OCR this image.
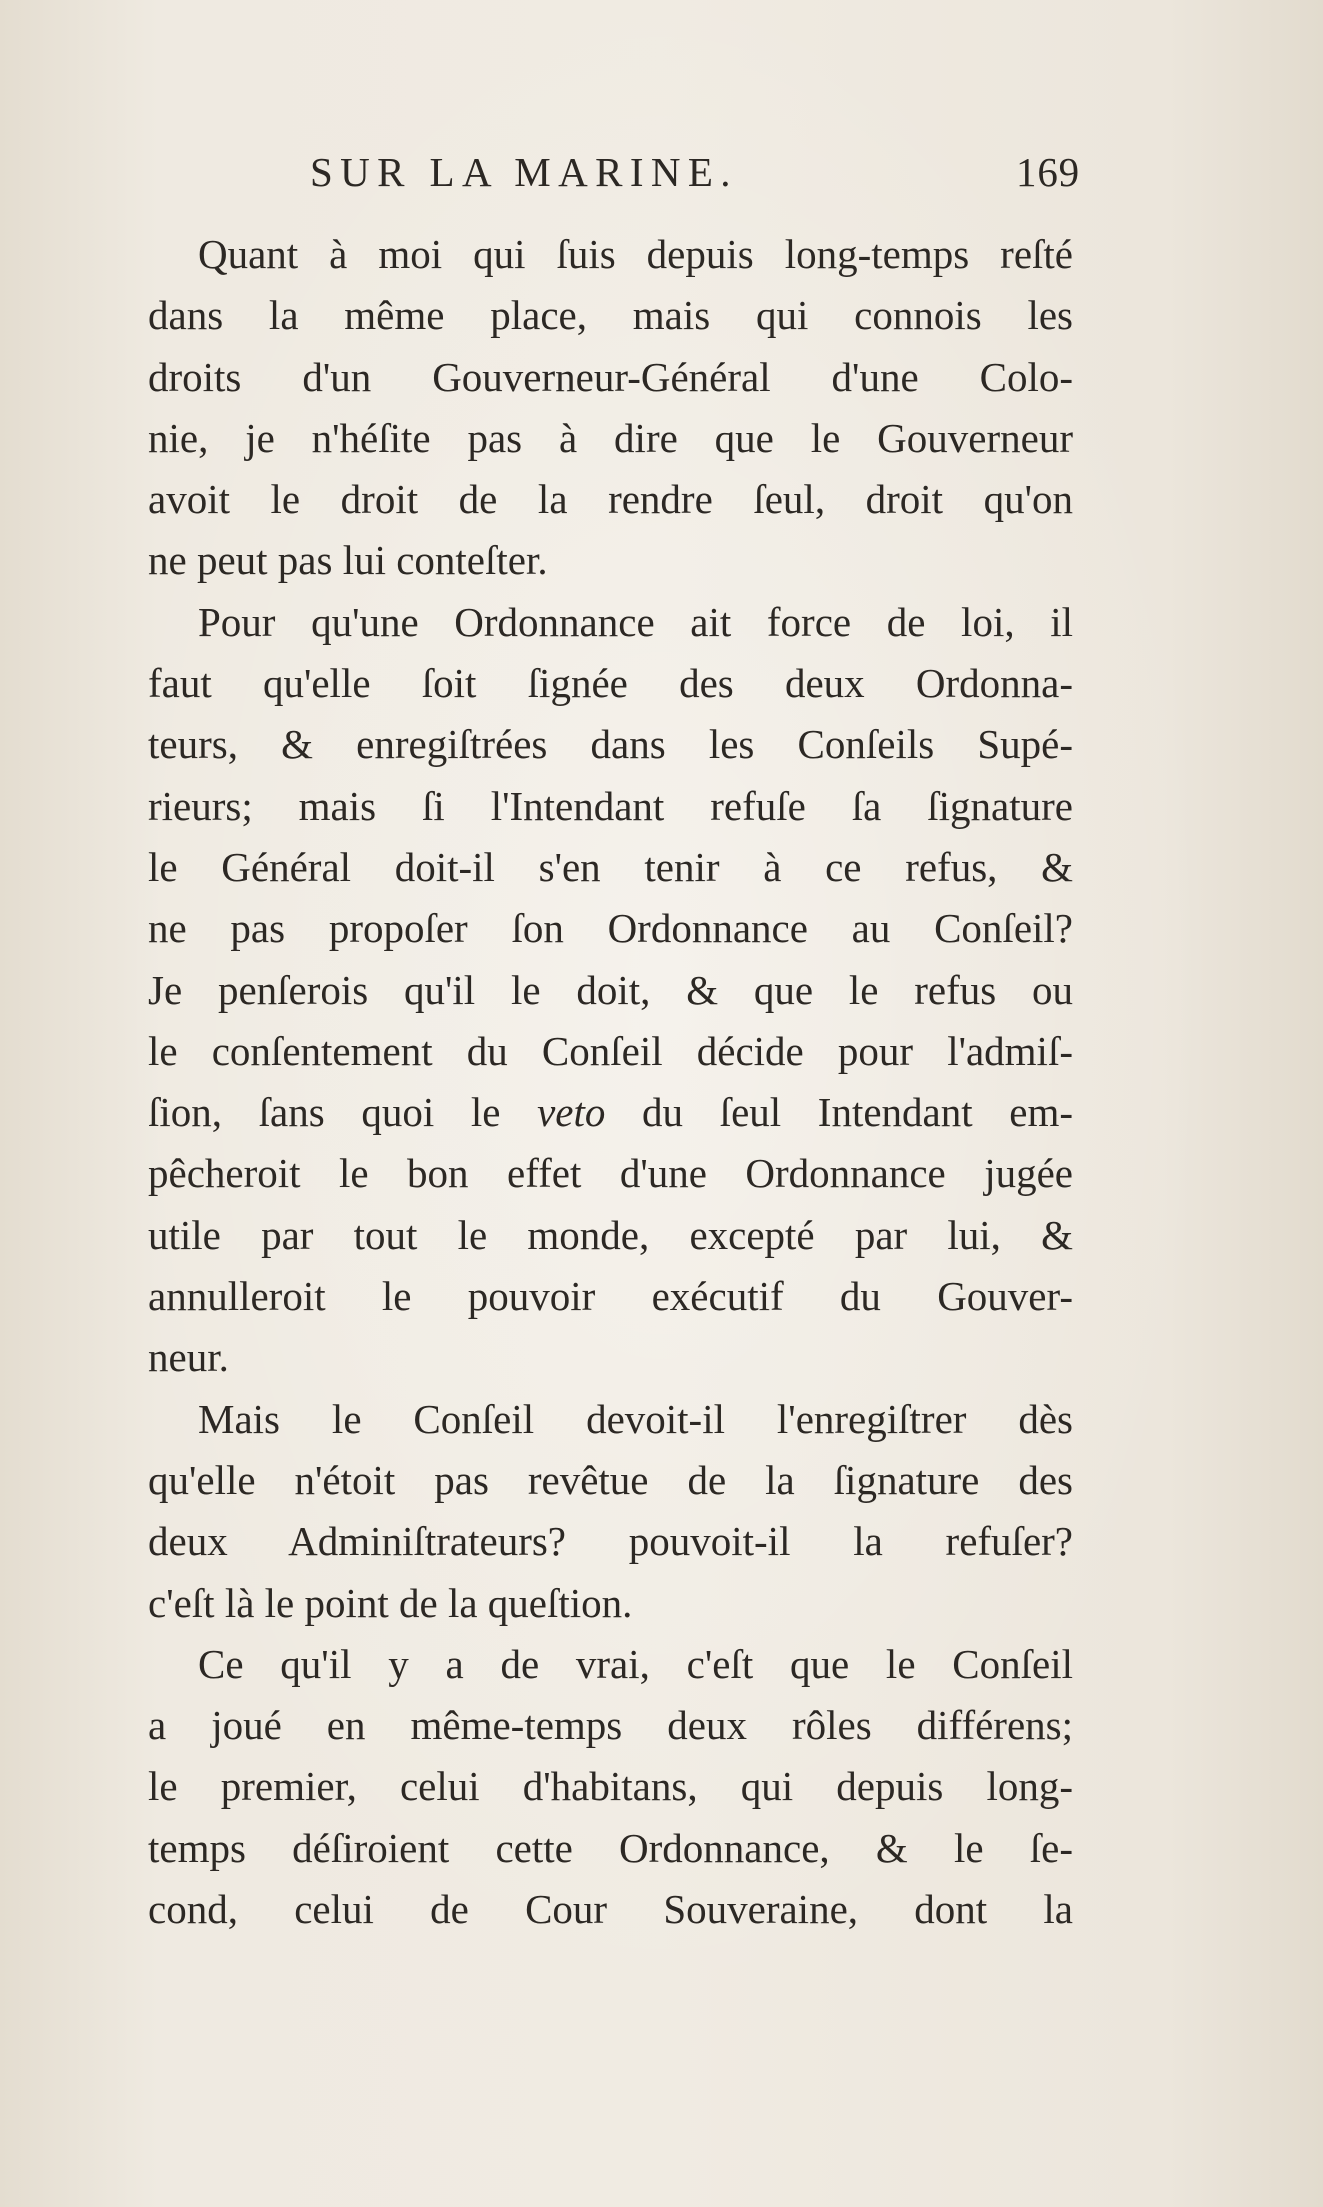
SUR LA MARINE.	169
Quant à moi qui ſuis depuis long-temps reſté
dans la même place, mais qui connois les
droits d'un Gouverneur-Général d'une Colo-
nie, je n'héſite pas à dire que le Gouverneur
avoit le droit de la rendre ſeul, droit qu'on
ne peut pas lui conteſter.
Pour qu'une Ordonnance ait force de loi, il
faut qu'elle ſoit ſignée des deux Ordonna-
teurs, & enregiſtrées dans les Conſeils Supé-
rieurs; mais ſi l'Intendant refuſe ſa ſignature
le Général doit-il s'en tenir à ce refus, &
ne pas propoſer ſon Ordonnance au Conſeil?
Je penſerois qu'il le doit, & que le refus ou
le conſentement du Conſeil décide pour l'admiſ-
ſion, ſans quoi le veto du ſeul Intendant em-
pêcheroit le bon effet d'une Ordonnance jugée
utile par tout le monde, excepté par lui, &
annulleroit le pouvoir exécutif du Gouver-
neur.
Mais le Conſeil devoit-il l'enregiſtrer dès
qu'elle n'étoit pas revêtue de la ſignature des
deux Adminiſtrateurs? pouvoit-il la refuſer?
c'eſt là le point de la queſtion.
Ce qu'il y a de vrai, c'eſt que le Conſeil
a joué en même-temps deux rôles différens;
le premier, celui d'habitans, qui depuis long-
temps déſiroient cette Ordonnance, & le ſe-
cond, celui de Cour Souveraine, dont la
